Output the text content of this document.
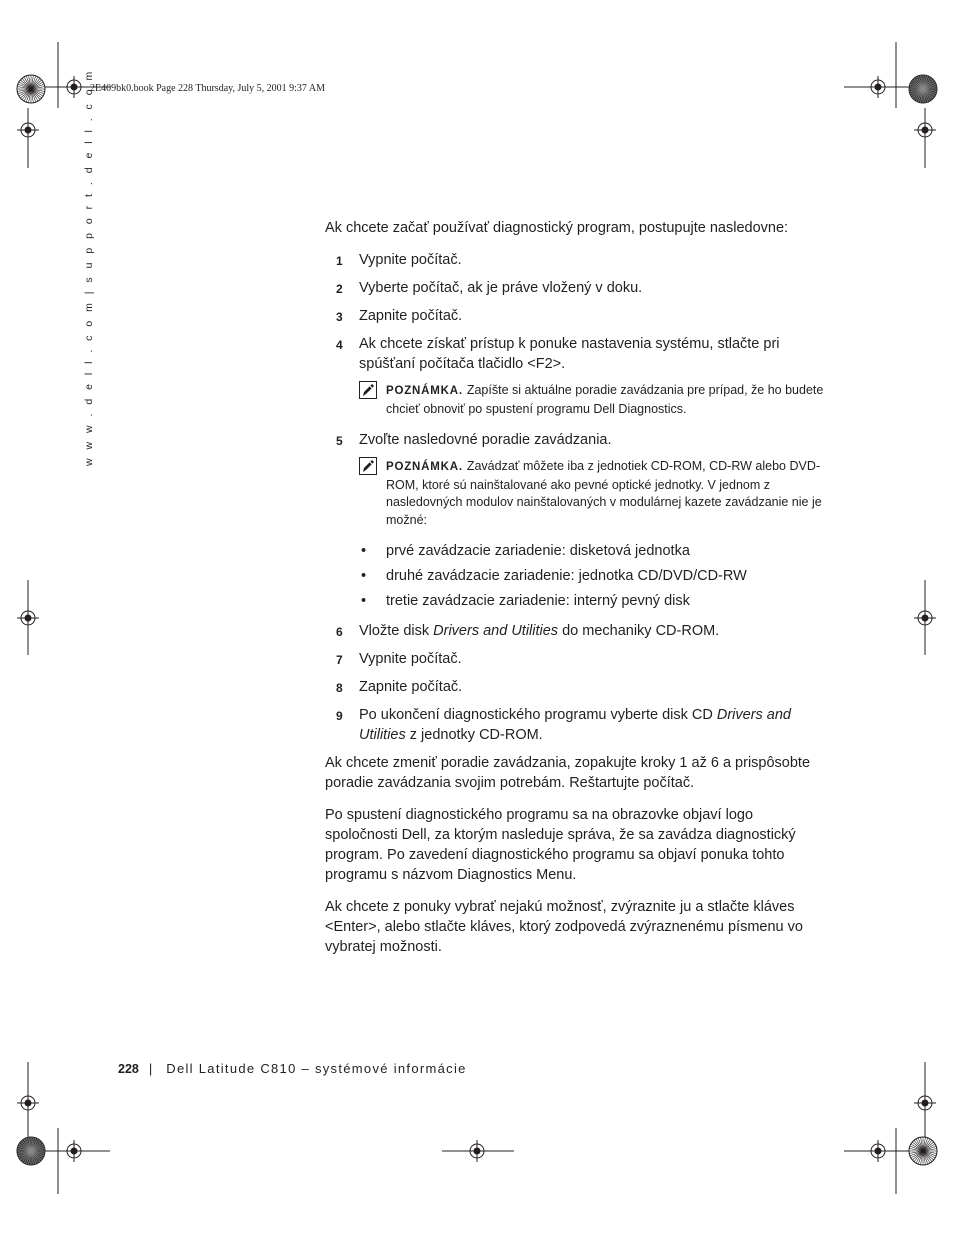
2E409bk0.book Page 228 Thursday, July 5, 2001 9:37 AM
w w w . d e l l . c o m | s u p p o r t . d e l l . c o m	Ak chcete začať používať diagnostický program, postupujte nasledovne:

1 Vypnite počítač.
2 Vyberte počítač, ak je práve vložený v doku.
3 Zapnite počítač.
4 Ak chcete získať prístup k ponuke nastavenia systému, stlačte pri spúšťaní počítača tlačidlo <F2>.
POZNÁMKA. Zapíšte si aktuálne poradie zavádzania pre prípad, že ho budete chcieť obnoviť po spustení programu Dell Diagnostics.
5 Zvoľte nasledovné poradie zavádzania.
POZNÁMKA. Zavádzať môžete iba z jednotiek CD-ROM, CD-RW alebo DVD-ROM, ktoré sú nainštalované ako pevné optické jednotky. V jednom z nasledovných modulov nainštalovaných v modulárnej kazete zavádzanie nie je možné:
• prvé zavádzacie zariadenie: disketová jednotka
• druhé zavádzacie zariadenie: jednotka CD/DVD/CD-RW
• tretie zavádzacie zariadenie: interný pevný disk
6 Vložte disk Drivers and Utilities do mechaniky CD-ROM.
7 Vypnite počítač.
8 Zapnite počítač.
9 Po ukončení diagnostického programu vyberte disk CD Drivers and Utilities z jednotky CD-ROM.

Ak chcete zmeniť poradie zavádzania, zopakujte kroky 1 až 6 a prispôsobte poradie zavádzania svojim potrebám. Reštartujte počítač.

Po spustení diagnostického programu sa na obrazovke objaví logo spoločnosti Dell, za ktorým nasleduje správa, že sa zavádza diagnostický program. Po zavedení diagnostického programu sa objaví ponuka tohto programu s názvom Diagnostics Menu.

Ak chcete z ponuky vybrať nejakú možnosť, zvýraznite ju a stlačte kláves <Enter>, alebo stlačte kláves, ktorý zodpovedá zvýraznenému písmenu vo vybratej možnosti.

228 | Dell Latitude C810 – systémové informácie
